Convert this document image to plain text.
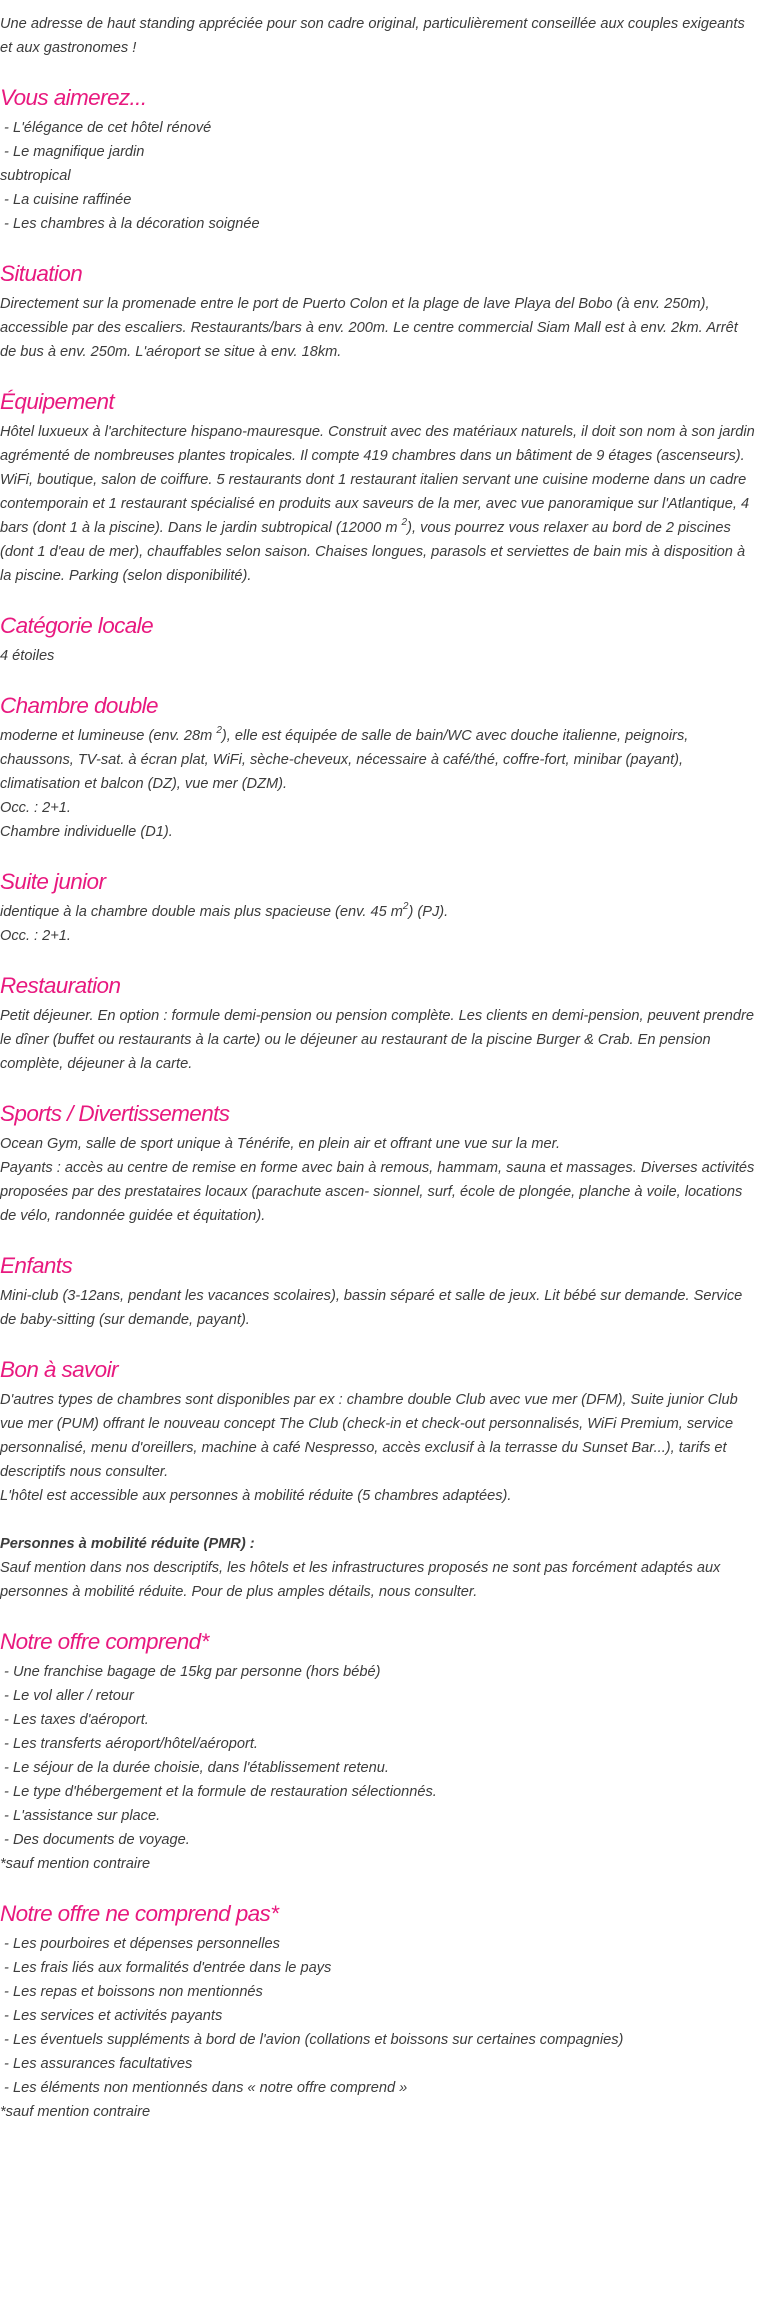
Une adresse de haut standing appréciée pour son cadre original, particulièrement conseillée aux couples exigeants et aux gastronomes !

Vous aimerez...

- L'élégance de cet hôtel rénové

- Le magnifique jardin

subtropical

- La cuisine raffinée

- Les chambres à la décoration soignée

Situation

Directement sur la promenade entre le port de Puerto Colon et la plage de lave Playa del Bobo (à env. 250m), accessible par des escaliers. Restaurants/bars à env. 200m. Le centre commercial Siam Mall est à env. 2km. Arrêt de bus à env. 250m. L'aéroport se situe à env. 18km.

Équipement

Hôtel luxueux à l'architecture hispano-mauresque. Construit avec des matériaux naturels, il doit son nom à son jardin agrémenté de nombreuses plantes tropicales. Il compte 419 chambres dans un bâtiment de 9 étages (ascenseurs). WiFi, boutique, salon de coiffure. 5 restaurants dont 1 restaurant italien servant une cuisine moderne dans un cadre contemporain et 1 restaurant spécialisé en produits aux saveurs de la mer, avec vue panoramique sur l'Atlantique, 4 bars (dont 1 à la piscine). Dans le jardin subtropical (12000 m $^2$), vous pourrez vous relaxer au bord de 2 piscines (dont 1 d'eau de mer), chauffables selon saison. Chaises longues, parasols et serviettes de bain mis à disposition à la piscine. Parking (selon disponibilité).

Catégorie locale

4 étoiles

Chambre double

moderne et lumineuse (env. 28m $^2$), elle est équipée de salle de bain/WC avec douche italienne, peignoirs, chaussons, TV-sat. à écran plat, WiFi, sèche-cheveux, nécessaire à café/thé, coffre-fort, minibar (payant), climatisation et balcon (DZ), vue mer (DZM).

Occ. : 2+1.

Chambre individuelle (D1).

Suite junior

identique à la chambre double mais plus spacieuse (env. 45 $m^2$) (PJ).

Occ. : 2+1.

Restauration

Petit déjeuner. En option : formule demi-pension ou pension complète. Les clients en demi-pension, peuvent prendre le dîner (buffet ou restaurants à la carte) ou le déjeuner au restaurant de la piscine Burger & Crab. En pension complète, déjeuner à la carte.

Sports / Divertissements

Ocean Gym, salle de sport unique à Ténérife, en plein air et offrant une vue sur la mer.

Payants : accès au centre de remise en forme avec bain à remous, hammam, sauna et massages. Diverses activités proposées par des prestataires locaux (parachute ascen- sionnel, surf, école de plongée, planche à voile, locations de vélo, randonnée guidée et équitation).

Enfants

Mini-club (3-12ans, pendant les vacances scolaires), bassin séparé et salle de jeux. Lit bébé sur demande. Service de baby-sitting (sur demande, payant).

Bon à savoir

D'autres types de chambres sont disponibles par ex : chambre double Club avec vue mer (DFM), Suite junior Club vue mer (PUM) offrant le nouveau concept The Club (check-in et check-out personnalisés, WiFi Premium, service personnalisé, menu d'oreillers, machine à café Nespresso, accès exclusif à la terrasse du Sunset Bar...), tarifs et descriptifs nous consulter.

L'hôtel est accessible aux personnes à mobilité réduite (5 chambres adaptées).

Personnes à mobilité réduite (PMR) :

Sauf mention dans nos descriptifs, les hôtels et les infrastructures proposés ne sont pas forcément adaptés aux personnes à mobilité réduite. Pour de plus amples détails, nous consulter.

Notre offre comprend*

- Une franchise bagage de 15kg par personne (hors bébé)

- Le vol aller / retour

- Les taxes d'aéroport.

- Les transferts aéroport/hôtel/aéroport.

- Le séjour de la durée choisie, dans l'établissement retenu.

- Le type d'hébergement et la formule de restauration sélectionnés.

- L'assistance sur place.

- Des documents de voyage.

*sauf mention contraire

Notre offre ne comprend pas*

- Les pourboires et dépenses personnelles

- Les frais liés aux formalités d'entrée dans le pays

- Les repas et boissons non mentionnés

- Les services et activités payants

- Les éventuels suppléments à bord de l'avion (collations et boissons sur certaines compagnies)

- Les assurances facultatives

- Les éléments non mentionnés dans « notre offre comprend »

*sauf mention contraire
